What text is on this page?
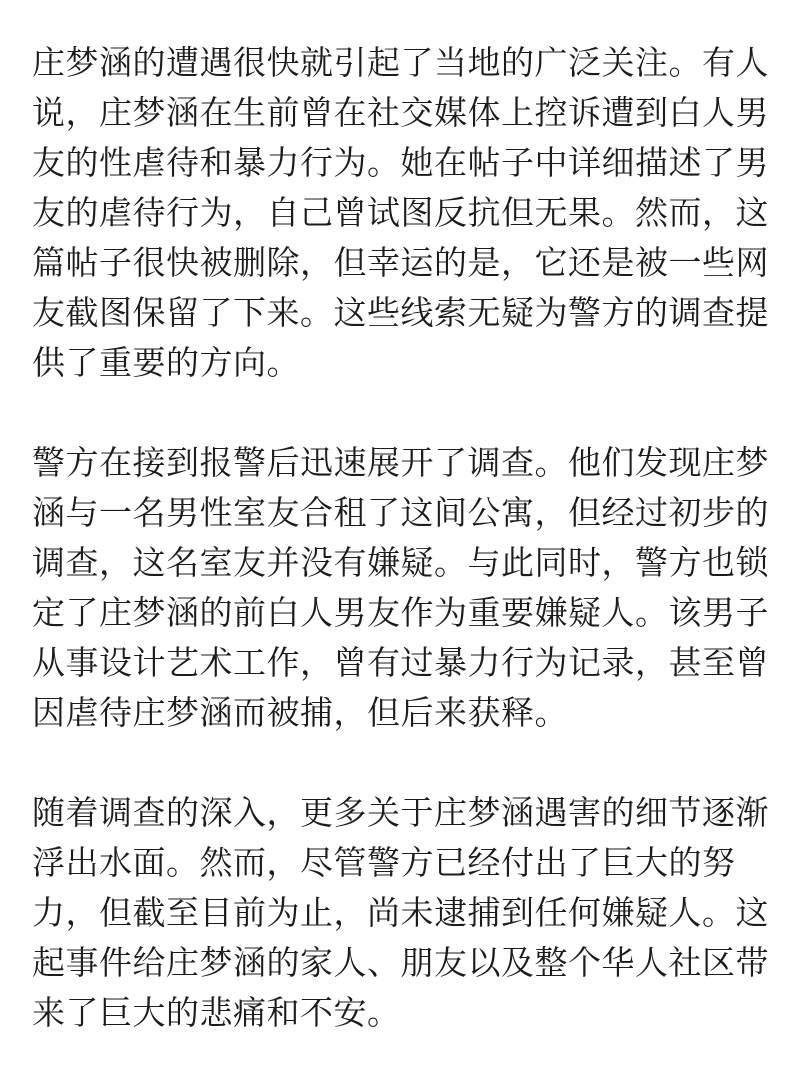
庄梦涵的遭遇很快就引起了当地的广泛关注。有人
说，庄梦涵在生前曾在社交媒体上控诉遭到白人男
友的性虐待和暴力行为。她在帖子中详细描述了男
友的虐待行为，自己曾试图反抗但无果。然而，这
篇帖子很快被删除，但幸运的是，它还是被一些网
友截图保留了下来。这些线索无疑为警方的调查提
供了重要的方向。
警方在接到报警后迅速展开了调查。他们发现庄梦
涵与一名男性室友合租了这间公寓，但经过初步的
调查，这名室友并没有嫌疑。与此同时，警方也锁
定了庄梦涵的前白人男友作为重要嫌疑人。该男子
从事设计艺术工作，曾有过暴力行为记录，甚至曾
因虐待庄梦涵而被捕，但后来获释。
随着调查的深入，更多关于庄梦涵遇害的细节逐渐
浮出水面。然而，尽管警方已经付出了巨大的努
力，但截至目前为止，尚未逮捕到任何嫌疑人。这
起事件给庄梦涵的家人、朋友以及整个华人社区带
来了巨大的悲痛和不安。
